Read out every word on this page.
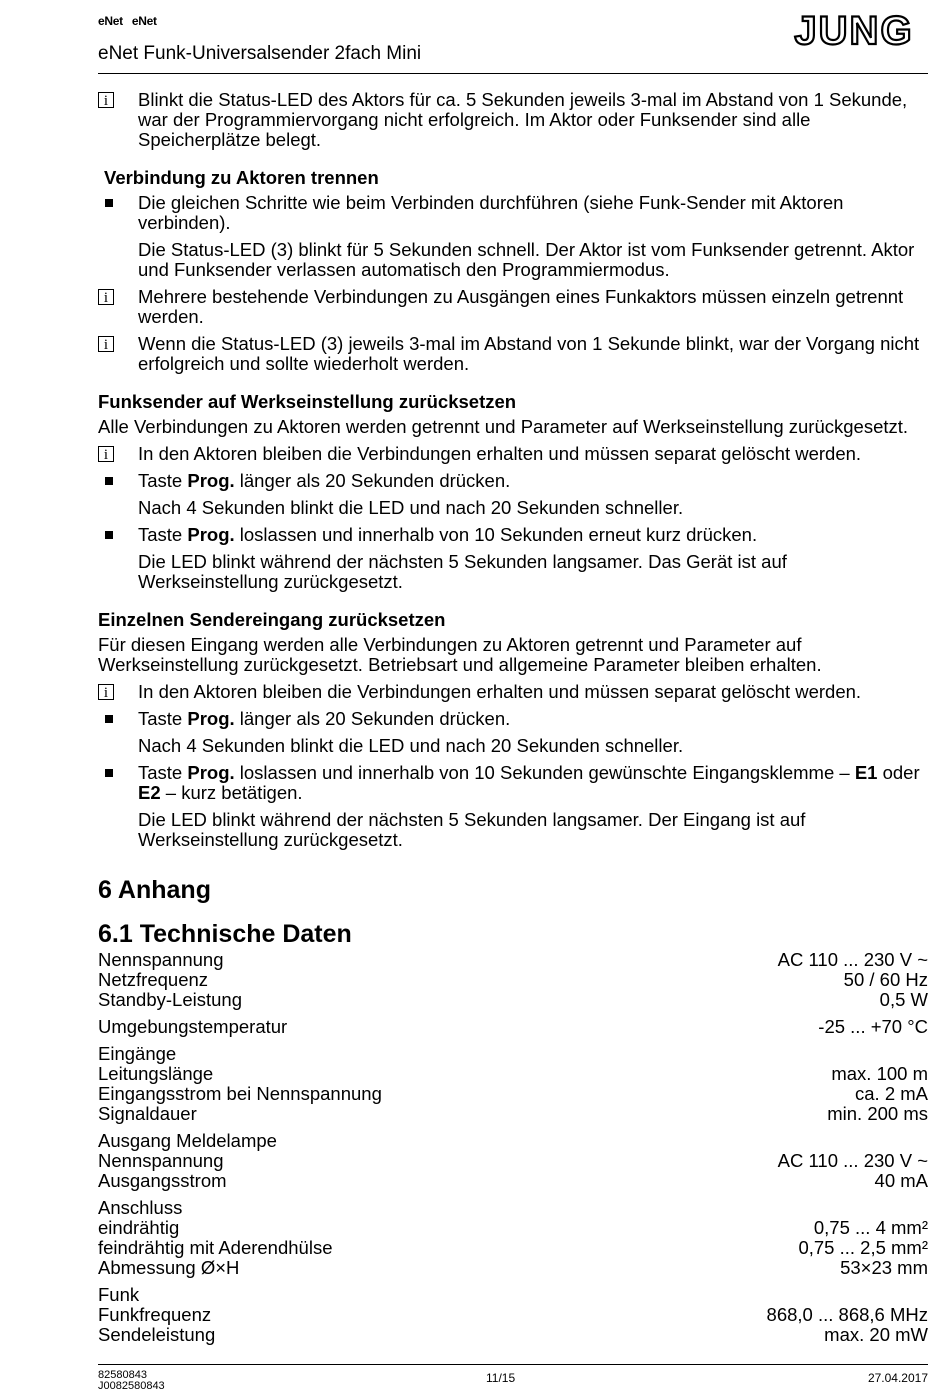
eNet eNet
eNet Funk-Universalsender 2fach Mini
JUNG
i	Blinkt die Status-LED des Aktors für ca. 5 Sekunden jeweils 3-mal im Abstand von 1 Sekunde, war der Programmiervorgang nicht erfolgreich. Im Aktor oder Funksender sind alle Speicherplätze belegt.
Verbindung zu Aktoren trennen
Die gleichen Schritte wie beim Verbinden durchführen (siehe Funk-Sender mit Aktoren verbinden).
Die Status-LED (3) blinkt für 5 Sekunden schnell. Der Aktor ist vom Funksender getrennt. Aktor und Funksender verlassen automatisch den Programmiermodus.
i	Mehrere bestehende Verbindungen zu Ausgängen eines Funkaktors müssen einzeln getrennt werden.
i	Wenn die Status-LED (3) jeweils 3-mal im Abstand von 1 Sekunde blinkt, war der Vorgang nicht erfolgreich und sollte wiederholt werden.
Funksender auf Werkseinstellung zurücksetzen
Alle Verbindungen zu Aktoren werden getrennt und Parameter auf Werkseinstellung zurückgesetzt.
i	In den Aktoren bleiben die Verbindungen erhalten und müssen separat gelöscht werden.
Taste Prog. länger als 20 Sekunden drücken.
Nach 4 Sekunden blinkt die LED und nach 20 Sekunden schneller.
Taste Prog. loslassen und innerhalb von 10 Sekunden erneut kurz drücken.
Die LED blinkt während der nächsten 5 Sekunden langsamer. Das Gerät ist auf Werkseinstellung zurückgesetzt.
Einzelnen Sendereingang zurücksetzen
Für diesen Eingang werden alle Verbindungen zu Aktoren getrennt und Parameter auf Werkseinstellung zurückgesetzt. Betriebsart und allgemeine Parameter bleiben erhalten.
i	In den Aktoren bleiben die Verbindungen erhalten und müssen separat gelöscht werden.
Taste Prog. länger als 20 Sekunden drücken.
Nach 4 Sekunden blinkt die LED und nach 20 Sekunden schneller.
Taste Prog. loslassen und innerhalb von 10 Sekunden gewünschte Eingangsklemme – E1 oder E2 – kurz betätigen.
Die LED blinkt während der nächsten 5 Sekunden langsamer. Der Eingang ist auf Werkseinstellung zurückgesetzt.
6 Anhang
6.1 Technische Daten
Nennspannung	AC 110 ... 230 V ~
Netzfrequenz	50 / 60 Hz
Standby-Leistung	0,5 W
Umgebungstemperatur	-25 ... +70 °C
Eingänge
Leitungslänge	max. 100 m
Eingangsstrom bei Nennspannung	ca. 2 mA
Signaldauer	min. 200 ms
Ausgang Meldelampe
Nennspannung	AC 110 ... 230 V ~
Ausgangsstrom	40 mA
Anschluss
eindrähtig	0,75 ... 4 mm²
feindrähtig mit Aderendhülse	0,75 ... 2,5 mm²
Abmessung Ø×H	53×23 mm
Funk
Funkfrequenz	868,0 ... 868,6 MHz
Sendeleistung	max. 20 mW
82580843
J0082580843
11/15	27.04.2017
